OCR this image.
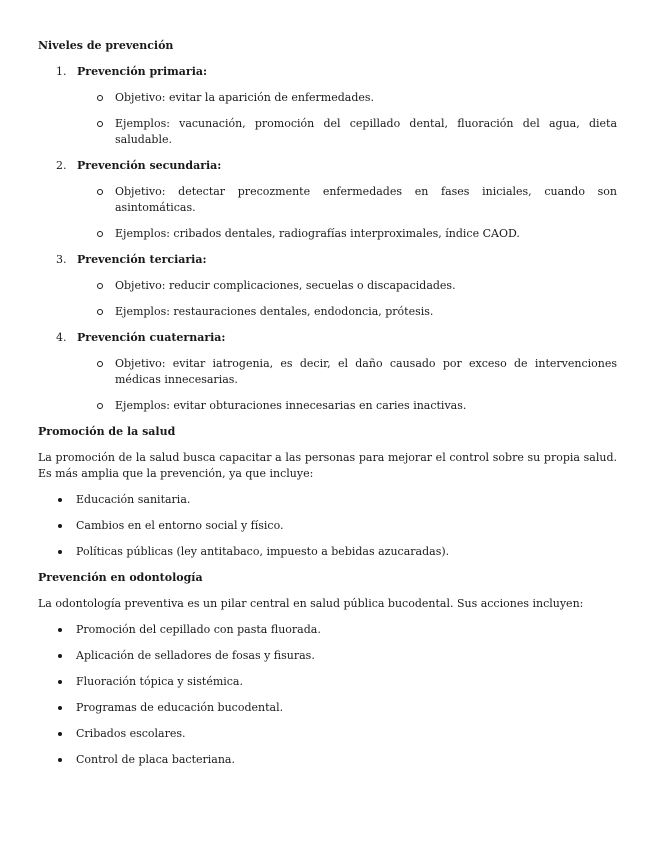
Niveles de prevención
1. Prevención primaria:
Objetivo: evitar la aparición de enfermedades.
Ejemplos: vacunación, promoción del cepillado dental, fluoración del agua, dieta saludable.
2. Prevención secundaria:
Objetivo: detectar precozmente enfermedades en fases iniciales, cuando son asintomáticas.
Ejemplos: cribados dentales, radiografías interproximales, índice CAOD.
3. Prevención terciaria:
Objetivo: reducir complicaciones, secuelas o discapacidades.
Ejemplos: restauraciones dentales, endodoncia, prótesis.
4. Prevención cuaternaria:
Objetivo: evitar iatrogenia, es decir, el daño causado por exceso de intervenciones médicas innecesarias.
Ejemplos: evitar obturaciones innecesarias en caries inactivas.
Promoción de la salud
La promoción de la salud busca capacitar a las personas para mejorar el control sobre su propia salud. Es más amplia que la prevención, ya que incluye:
Educación sanitaria.
Cambios en el entorno social y físico.
Políticas públicas (ley antitabaco, impuesto a bebidas azucaradas).
Prevención en odontología
La odontología preventiva es un pilar central en salud pública bucodental. Sus acciones incluyen:
Promoción del cepillado con pasta fluorada.
Aplicación de selladores de fosas y fisuras.
Fluoración tópica y sistémica.
Programas de educación bucodental.
Cribados escolares.
Control de placa bacteriana.
